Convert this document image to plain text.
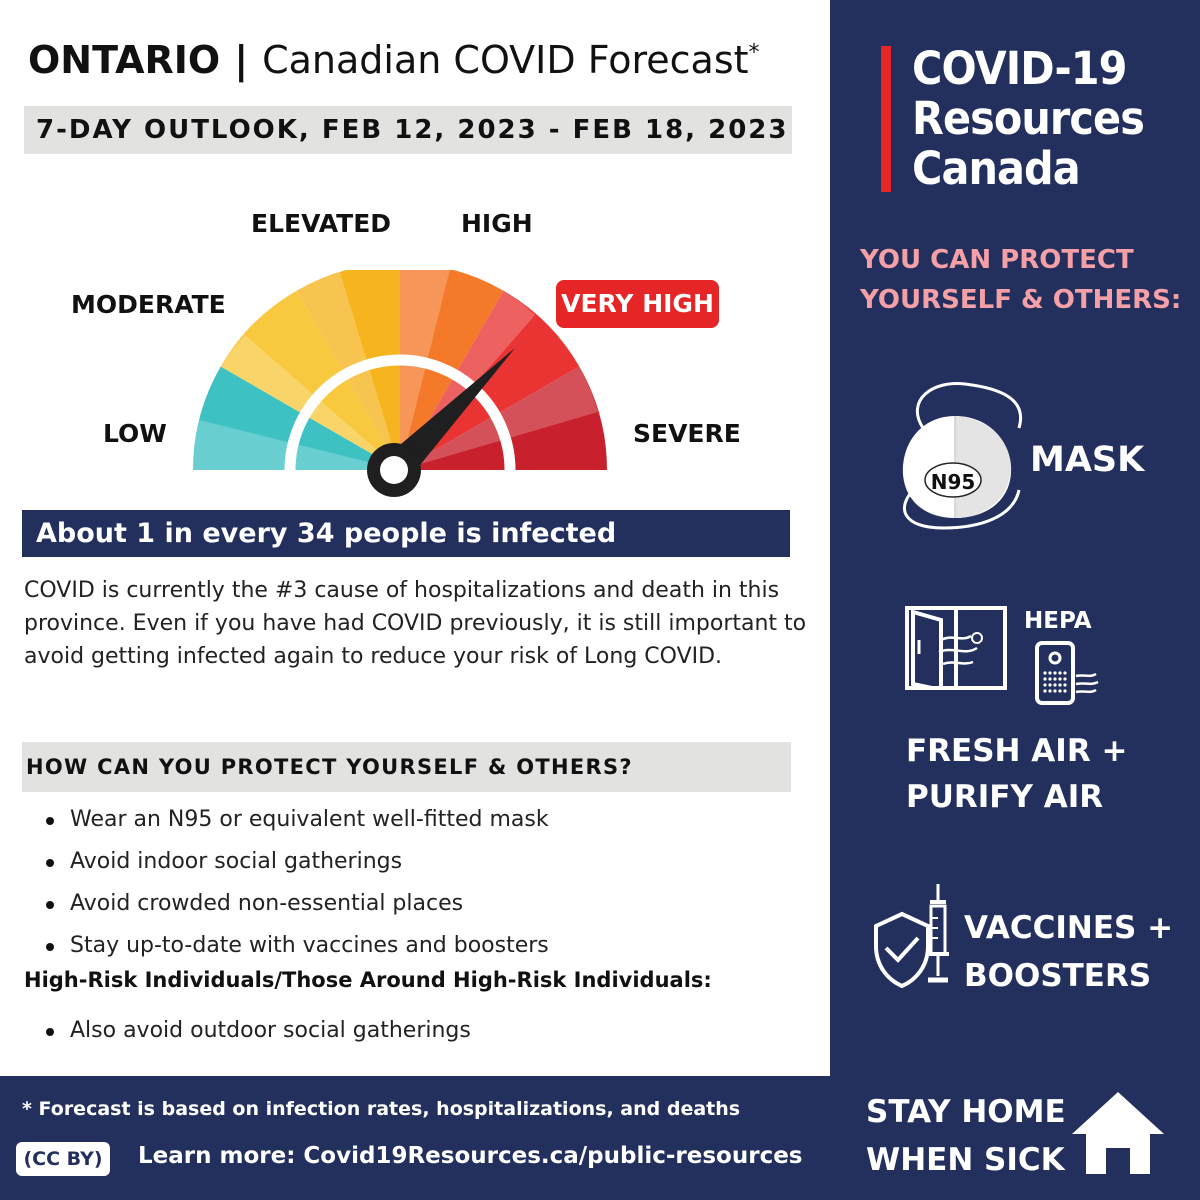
ONTARIO | Canadian COVID Forecast*
7-DAY OUTLOOK, FEB 12, 2023 - FEB 18, 2023
ELEVATED	HIGH
MODERATE	VERY HIGH
LOW	SEVERE
About 1 in every 34 people is infected
COVID is currently the #3 cause of hospitalizations and death in this province. Even if you have had COVID previously, it is still important to avoid getting infected again to reduce your risk of Long COVID.
HOW CAN YOU PROTECT YOURSELF & OTHERS?
Wear an N95 or equivalent well-fitted mask
Avoid indoor social gatherings
Avoid crowded non-essential places
Stay up-to-date with vaccines and boosters
High-Risk Individuals/Those Around High-Risk Individuals:
Also avoid outdoor social gatherings
* Forecast is based on infection rates, hospitalizations, and deaths
(CC BY)	Learn more: Covid19Resources.ca/public-resources
COVID-19
Resources
Canada
YOU CAN PROTECT
YOURSELF & OTHERS:
N95
MASK
HEPA
FRESH AIR +
PURIFY AIR
VACCINES +
BOOSTERS
STAY HOME
WHEN SICK
